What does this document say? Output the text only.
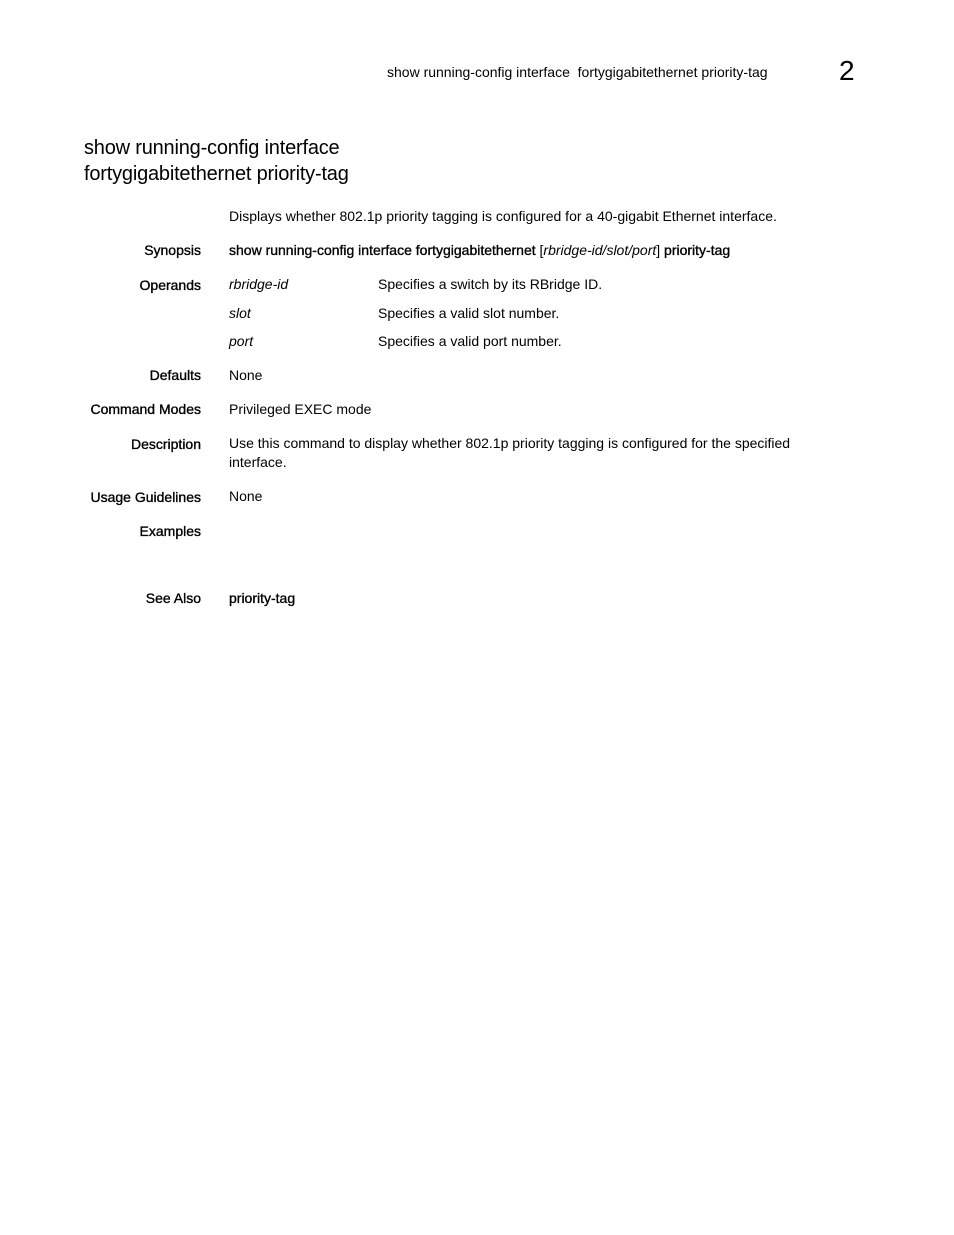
show running-config interface  fortygigabitethernet priority-tag	2
show running-config interface
fortygigabitethernet priority-tag
Displays whether 802.1p priority tagging is configured for a 40-gigabit Ethernet interface.
Synopsis show running-config interface fortygigabitethernet [rbridge-id/slot/port] priority-tag
Operands rbridge-id	Specifies a switch by its RBridge ID.
slot	Specifies a valid slot number.
port	Specifies a valid port number.
Defaults None
Command Modes Privileged EXEC mode
Description Use this command to display whether 802.1p priority tagging is configured for the specified
interface.
Usage Guidelines None
Examples
See Also priority-tag
